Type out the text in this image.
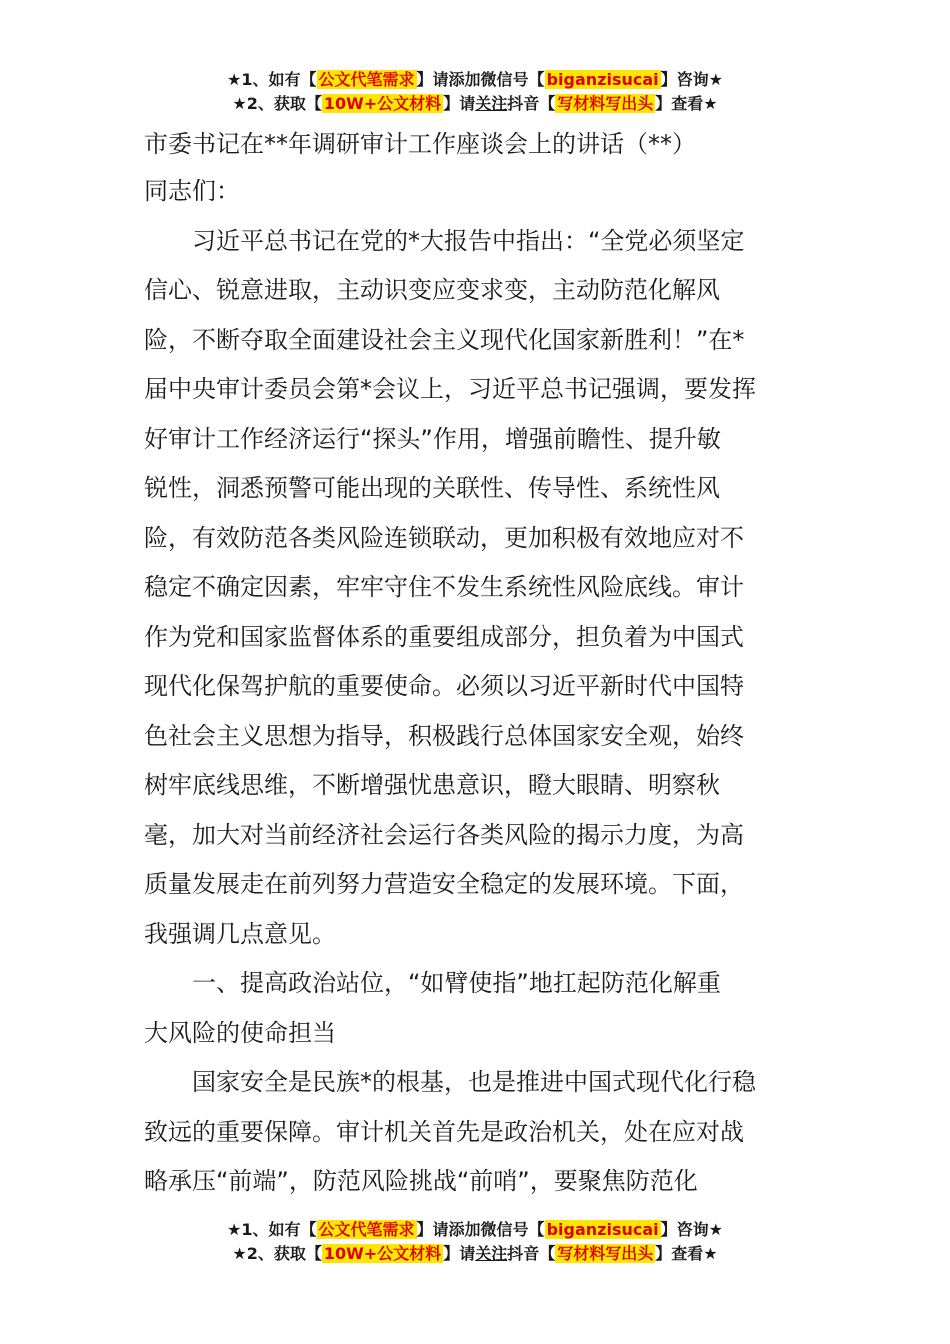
★1、如有【 公文代笔需求 】请添加微信号【 biganzisucai 】咨询★
★2、获取【 10W+公文材料 】请关注抖音【 写材料写出头 】查看★
市委书记在**年调研审计工作座谈会上的讲话（**）
同志们：
　　习近平总书记在党的*大报告中指出：“全党必须坚定
信心、锐意进取，主动识变应变求变，主动防范化解风
险，不断夺取全面建设社会主义现代化国家新胜利！”在*
届中央审计委员会第*会议上，习近平总书记强调，要发挥
好审计工作经济运行“探头”作用，增强前瞻性、提升敏
锐性，洞悉预警可能出现的关联性、传导性、系统性风
险，有效防范各类风险连锁联动，更加积极有效地应对不
稳定不确定因素，牢牢守住不发生系统性风险底线。审计
作为党和国家监督体系的重要组成部分，担负着为中国式
现代化保驾护航的重要使命。必须以习近平新时代中国特
色社会主义思想为指导，积极践行总体国家安全观，始终
树牢底线思维，不断增强忧患意识，瞪大眼睛、明察秋
毫，加大对当前经济社会运行各类风险的揭示力度，为高
质量发展走在前列努力营造安全稳定的发展环境。下面，
我强调几点意见。
　　一、提高政治站位，“如臂使指”地扛起防范化解重
大风险的使命担当
　　国家安全是民族*的根基，也是推进中国式现代化行稳
致远的重要保障。审计机关首先是政治机关，处在应对战
略承压“前端”，防范风险挑战“前哨”，要聚焦防范化
★1、如有【 公文代笔需求 】请添加微信号【 biganzisucai 】咨询★
★2、获取【 10W+公文材料 】请关注抖音【 写材料写出头 】查看★
